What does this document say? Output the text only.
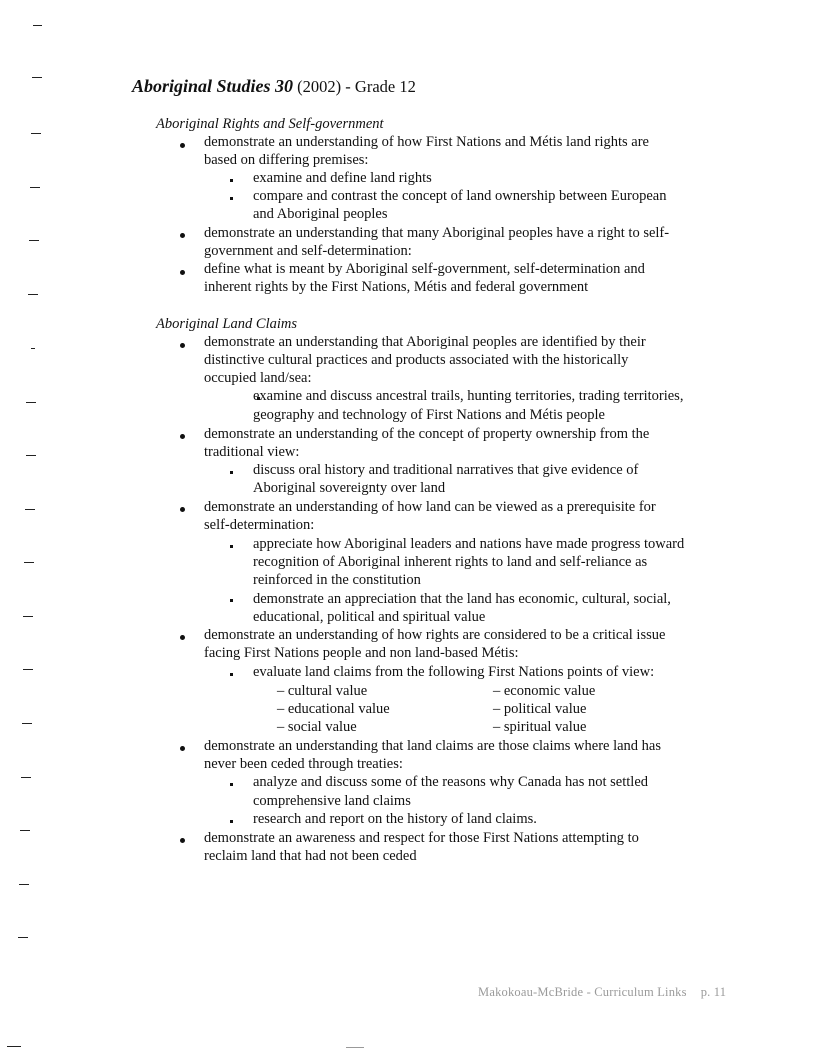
Aboriginal Studies 30 (2002) - Grade 12
Aboriginal Rights and Self-government
demonstrate an understanding of how First Nations and Métis land rights are
based on differing premises:
examine and define land rights
compare and contrast the concept of land ownership between European
and Aboriginal peoples
demonstrate an understanding that many Aboriginal peoples have a right to self-
government and self-determination:
define what is meant by Aboriginal self-government, self-determination and
inherent rights by the First Nations, Métis and federal government
Aboriginal Land Claims
demonstrate an understanding that Aboriginal peoples are identified by their
distinctive cultural practices and products associated with the historically
occupied land/sea:
examine and discuss ancestral trails, hunting territories, trading territories,
geography and technology of First Nations and Métis people
demonstrate an understanding of the concept of property ownership from the
traditional view:
discuss oral history and traditional narratives that give evidence of
Aboriginal sovereignty over land
demonstrate an understanding of how land can be viewed as a prerequisite for
self-determination:
appreciate how Aboriginal leaders and nations have made progress toward
recognition of Aboriginal inherent rights to land and self-reliance as
reinforced in the constitution
demonstrate an appreciation that the land has economic, cultural, social,
educational, political and spiritual value
demonstrate an understanding of how rights are considered to be a critical issue
facing First Nations people and non land-based Métis:
evaluate land claims from the following First Nations points of view:
– cultural value
– educational value
– social value
– economic value
– political value
– spiritual value
demonstrate an understanding that land claims are those claims where land has
never been ceded through treaties:
analyze and discuss some of the reasons why Canada has not settled
comprehensive land claims
research and report on the history of land claims.
demonstrate an awareness and respect for those First Nations attempting to
reclaim land that had not been ceded
Makokoau-McBride - Curriculum Links p. 11
